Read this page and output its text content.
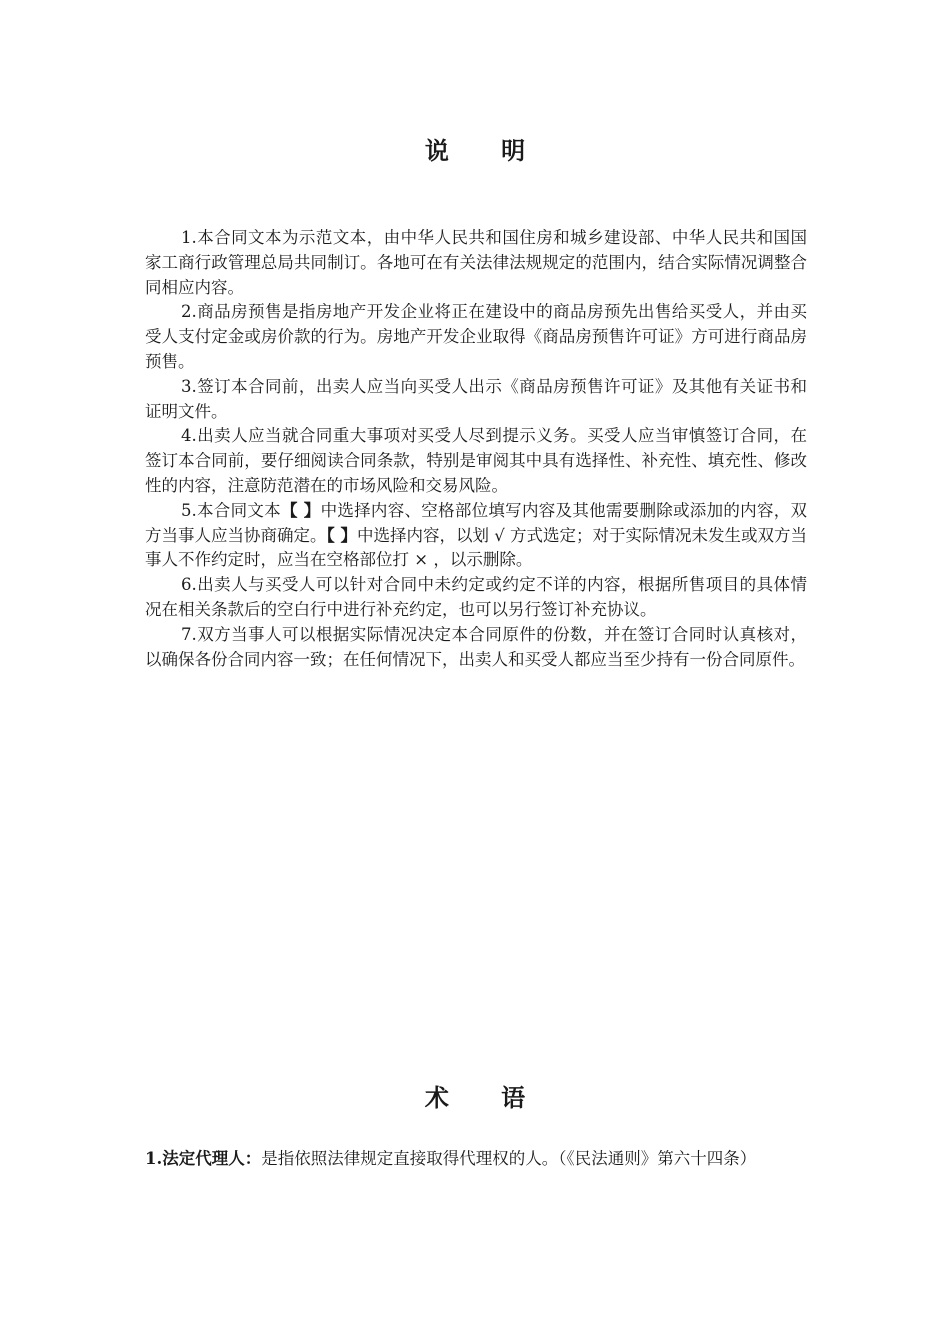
说 明

1.本合同文本为示范文本，由中华人民共和国住房和城乡建设部、中华人民共和国国家工商行政管理总局共同制订。各地可在有关法律法规规定的范围内，结合实际情况调整合同相应内容。

2.商品房预售是指房地产开发企业将正在建设中的商品房预先出售给买受人，并由买受人支付定金或房价款的行为。房地产开发企业取得《商品房预售许可证》方可进行商品房预售。

3.签订本合同前，出卖人应当向买受人出示《商品房预售许可证》及其他有关证书和证明文件。

4.出卖人应当就合同重大事项对买受人尽到提示义务。买受人应当审慎签订合同，在签订本合同前，要仔细阅读合同条款，特别是审阅其中具有选择性、补充性、填充性、修改性的内容，注意防范潜在的市场风险和交易风险。

5.本合同文本【 】中选择内容、空格部位填写内容及其他需要删除或添加的内容，双方当事人应当协商确定。【 】中选择内容，以划 √ 方式选定；对于实际情况未发生或双方当事人不作约定时，应当在空格部位打 × ，以示删除。

6.出卖人与买受人可以针对合同中未约定或约定不详的内容，根据所售项目的具体情况在相关条款后的空白行中进行补充约定，也可以另行签订补充协议。

7.双方当事人可以根据实际情况决定本合同原件的份数，并在签订合同时认真核对，以确保各份合同内容一致；在任何情况下，出卖人和买受人都应当至少持有一份合同原件。

术 语

1.法定代理人：是指依照法律规定直接取得代理权的人。（《民法通则》第六十四条）
